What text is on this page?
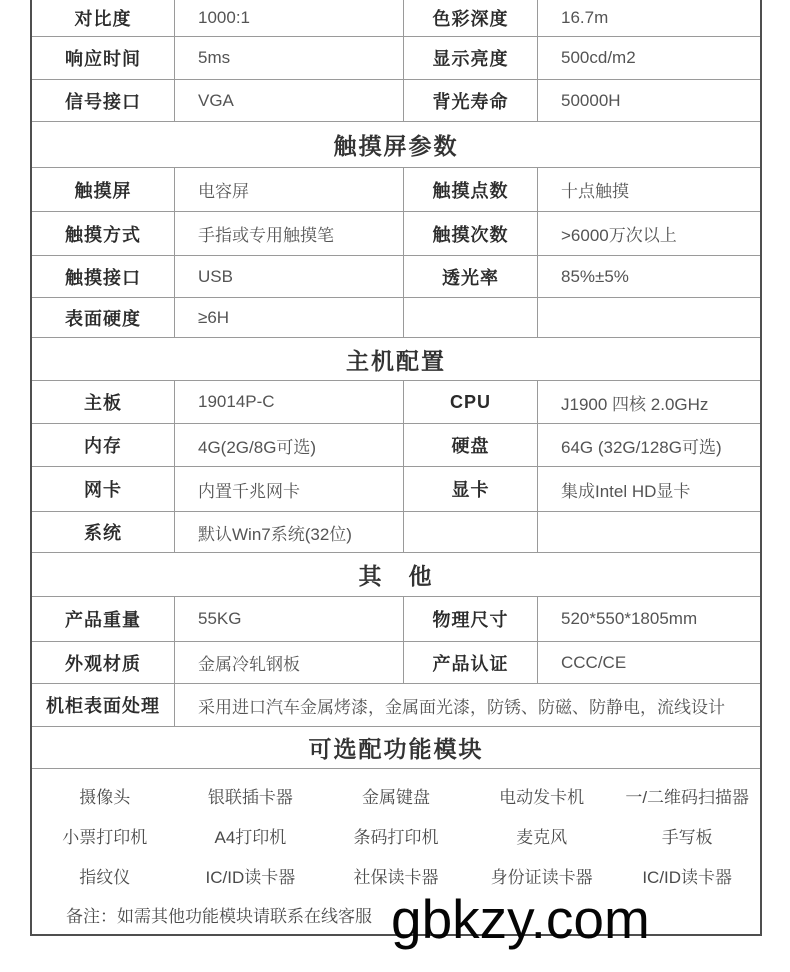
对比度	1000:1	色彩深度	16.7m
响应时间	5ms	显示亮度	500cd/m2
信号接口	VGA	背光寿命	50000H
触摸屏参数
触摸屏	电容屏	触摸点数	十点触摸
触摸方式	手指或专用触摸笔	触摸次数	>6000万次以上
触摸接口	USB	透光率	85%±5%
表面硬度	≥6H
主机配置
主板	19014P-C	CPU	J1900 四核 2.0GHz
内存	4G(2G/8G可选)	硬盘	64G (32G/128G可选)
网卡	内置千兆网卡	显卡	集成Intel HD显卡
系统	默认Win7系统(32位)
其　他
产品重量	55KG	物理尺寸	520*550*1805mm
外观材质	金属冷轧钢板	产品认证	CCC/CE
机柜表面处理	采用进口汽车金属烤漆，金属面光漆，防锈、防磁、防静电，流线设计
可选配功能模块
摄像头	银联插卡器	金属键盘	电动发卡机	一/二维码扫描器
小票打印机	A4打印机	条码打印机	麦克风	手写板
指纹仪	IC/ID读卡器	社保读卡器	身份证读卡器	IC/ID读卡器
备注：如需其他功能模块请联系在线客服 gbkzy.com
